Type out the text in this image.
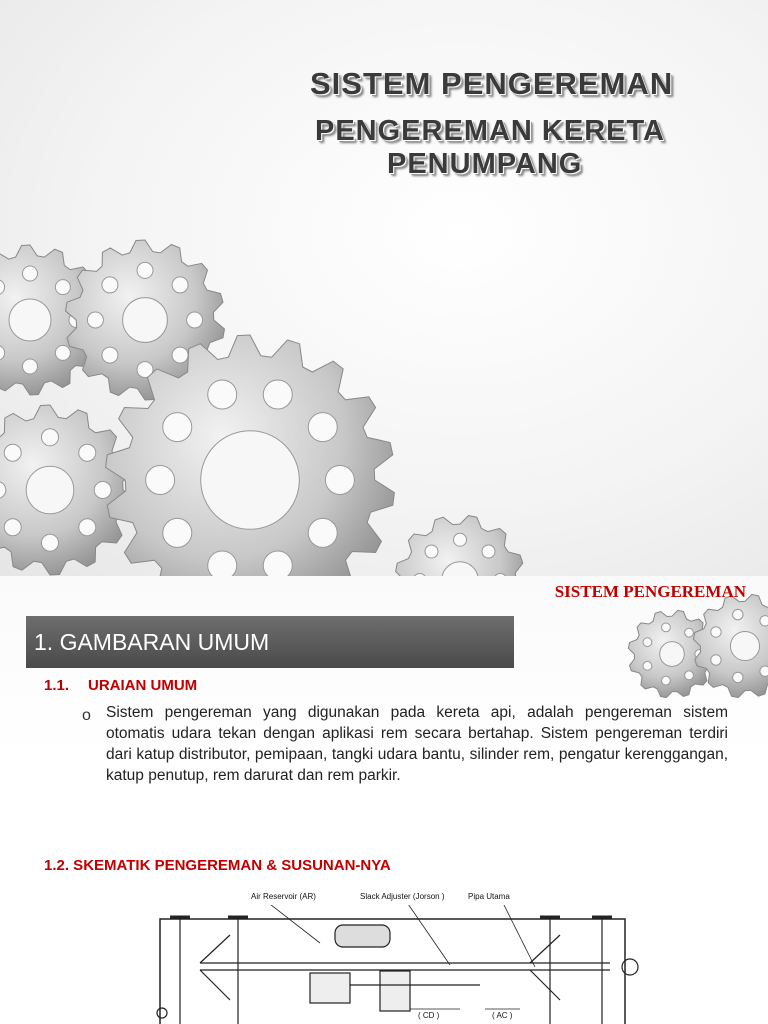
SISTEM PENGEREMAN
PENGEREMAN KERETA
PENUMPANG
SISTEM PENGEREMAN
1. GAMBARAN UMUM
1.1. URAIAN UMUM
o Sistem pengereman yang digunakan pada kereta api, adalah pengereman sistem otomatis udara tekan dengan aplikasi rem secara bertahap. Sistem pengereman terdiri dari katup distributor, pemipaan, tangki udara bantu, silinder rem, pengatur kerenggangan, katup penutup, rem darurat dan rem parkir.

1.2. SKEMATIK PENGEREMAN & SUSUNAN-NYA
Air Reservoir (AR)	Slack Adjuster (Jorson )	Pipa Utama
( CD )	( AC )
